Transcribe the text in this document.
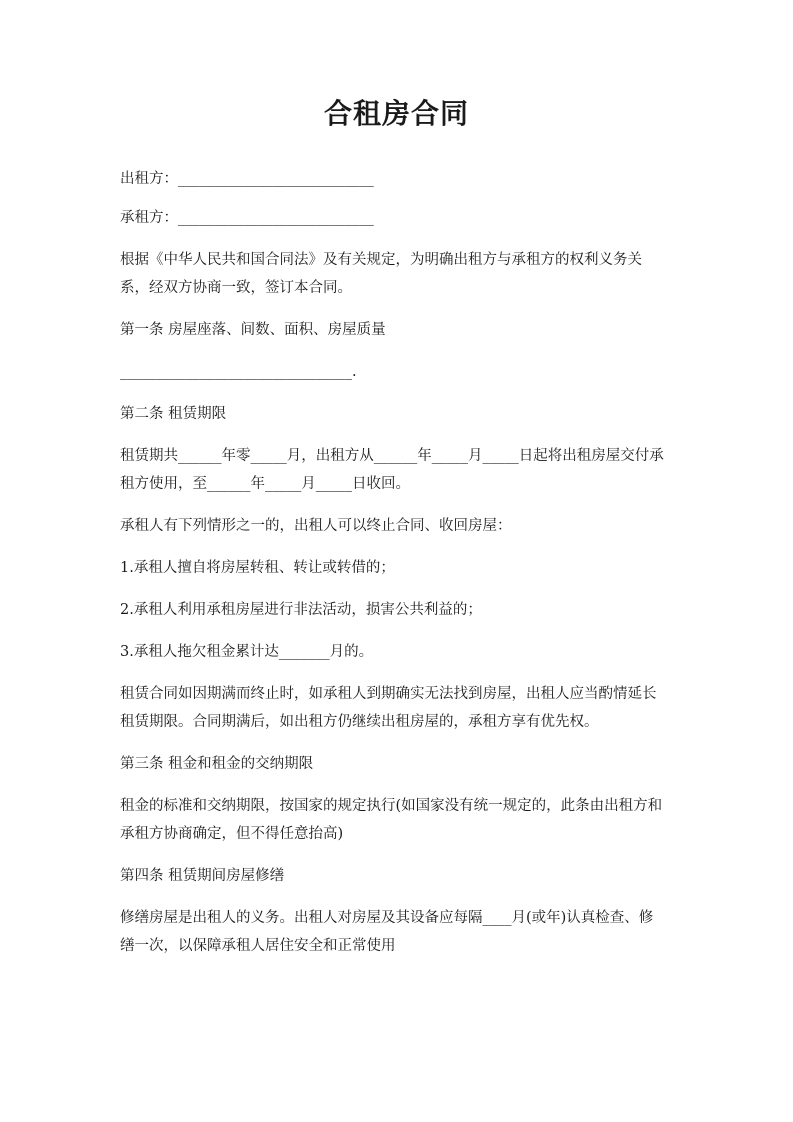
合租房合同
出租方：___________________________
承租方：___________________________
根据《中华人民共和国合同法》及有关规定，为明确出租方与承租方的权利义务关
系，经双方协商一致，签订本合同。
第一条 房屋座落、间数、面积、房屋质量
________________________________.
第二条 租赁期限
租赁期共______年零_____月，出租方从______年_____月_____日起将出租房屋交付承
租方使用，至______年_____月_____日收回。
承租人有下列情形之一的，出租人可以终止合同、收回房屋：
1.承租人擅自将房屋转租、转让或转借的；
2.承租人利用承租房屋进行非法活动，损害公共利益的；
3.承租人拖欠租金累计达_______月的。
租赁合同如因期满而终止时，如承租人到期确实无法找到房屋，出租人应当酌情延长
租赁期限。合同期满后，如出租方仍继续出租房屋的，承租方享有优先权。
第三条 租金和租金的交纳期限
租金的标准和交纳期限，按国家的规定执行(如国家没有统一规定的，此条由出租方和
承租方协商确定，但不得任意抬高)
第四条 租赁期间房屋修缮
修缮房屋是出租人的义务。出租人对房屋及其设备应每隔____月(或年)认真检查、修
缮一次，以保障承租人居住安全和正常使用
